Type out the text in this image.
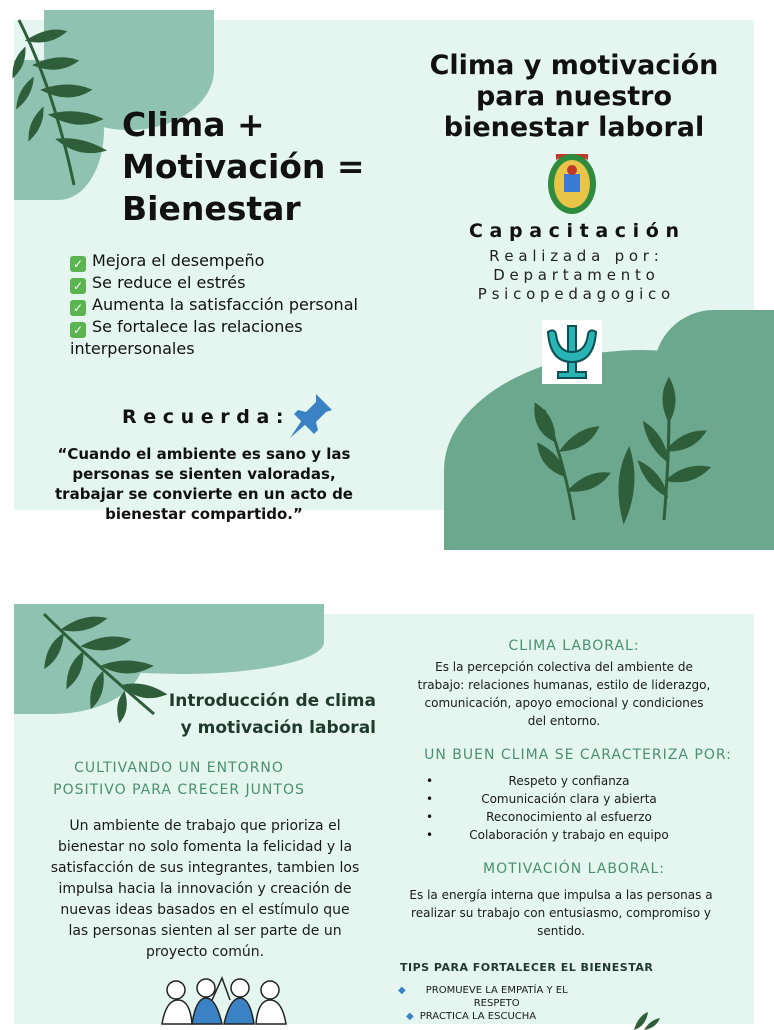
Clima +
Motivación =
Bienestar
✓ Mejora el desempeño
✓ Se reduce el estrés
✓ Aumenta la satisfacción personal
✓ Se fortalece las relaciones interpersonales
R e c u e r d a :
“Cuando el ambiente es sano y las personas se sienten valoradas, trabajar se convierte en un acto de bienestar compartido.”
Clima y motivación
para nuestro
bienestar laboral
C a p a c i t a c i ó n
R e a l i z a d a   p o r :
D e p a r t a m e n t o
P s i c o p e d a g o g i c o
Introducción de clima
y motivación laboral
CULTIVANDO UN ENTORNO
POSITIVO PARA CRECER JUNTOS
Un ambiente de trabajo que prioriza el bienestar no solo fomenta la felicidad y la satisfacción de sus integrantes, tambien los impulsa hacia la innovación y creación de nuevas ideas basados en el estímulo que las personas sienten al ser parte de un proyecto común.
CLIMA LABORAL:
Es la percepción colectiva del ambiente de trabajo: relaciones humanas, estilo de liderazgo, comunicación, apoyo emocional y condiciones del entorno.
UN BUEN CLIMA SE CARACTERIZA POR:
• Respeto y confianza
• Comunicación clara y abierta
• Reconocimiento al esfuerzo
• Colaboración y trabajo en equipo
MOTIVACIÓN LABORAL:
Es la energía interna que impulsa a las personas a realizar su trabajo con entusiasmo, compromiso y sentido.
TIPS PARA FORTALECER EL BIENESTAR
◆	PROMUEVE LA EMPATÍA Y EL RESPETO
◆ PRACTICA LA ESCUCHA
